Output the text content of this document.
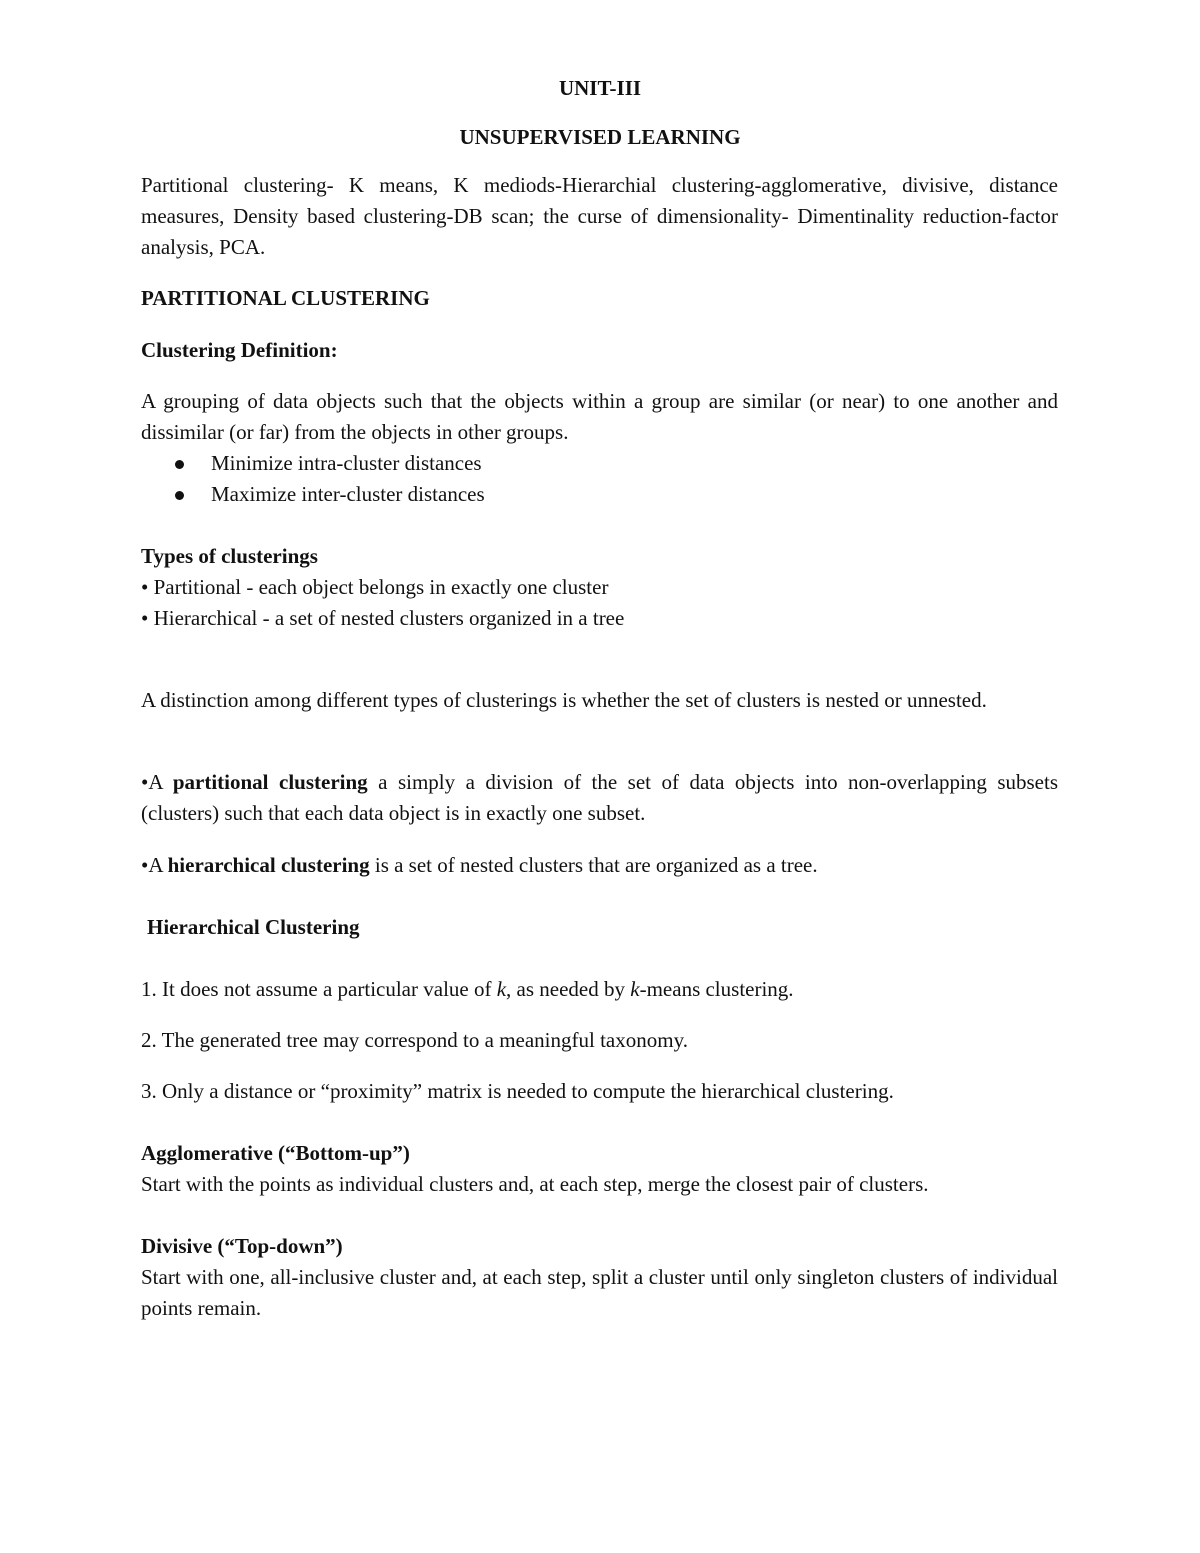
UNIT-III

UNSUPERVISED LEARNING

Partitional clustering- K means, K mediods-Hierarchial clustering-agglomerative, divisive, distance measures, Density based clustering-DB scan; the curse of dimensionality- Dimentinality reduction-factor analysis, PCA.

PARTITIONAL CLUSTERING

Clustering Definition:

A grouping of data objects such that the objects within a group are similar (or near) to one another and dissimilar (or far) from the objects in other groups.

Minimize intra-cluster distances
Maximize inter-cluster distances

Types of clusterings

• Partitional - each object belongs in exactly one cluster

• Hierarchical - a set of nested clusters organized in a tree

A distinction among different types of clusterings is whether the set of clusters is nested or unnested.

•A partitional clustering a simply a division of the set of data objects into non-overlapping subsets (clusters) such that each data object is in exactly one subset.

•A hierarchical clustering is a set of nested clusters that are organized as a tree.

Hierarchical Clustering

1. It does not assume a particular value of k, as needed by k-means clustering.

2. The generated tree may correspond to a meaningful taxonomy.

3. Only a distance or “proximity” matrix is needed to compute the hierarchical clustering.

Agglomerative (“Bottom-up”)

Start with the points as individual clusters and, at each step, merge the closest pair of clusters.

Divisive (“Top-down”)

Start with one, all-inclusive cluster and, at each step, split a cluster until only singleton clusters of individual points remain.
